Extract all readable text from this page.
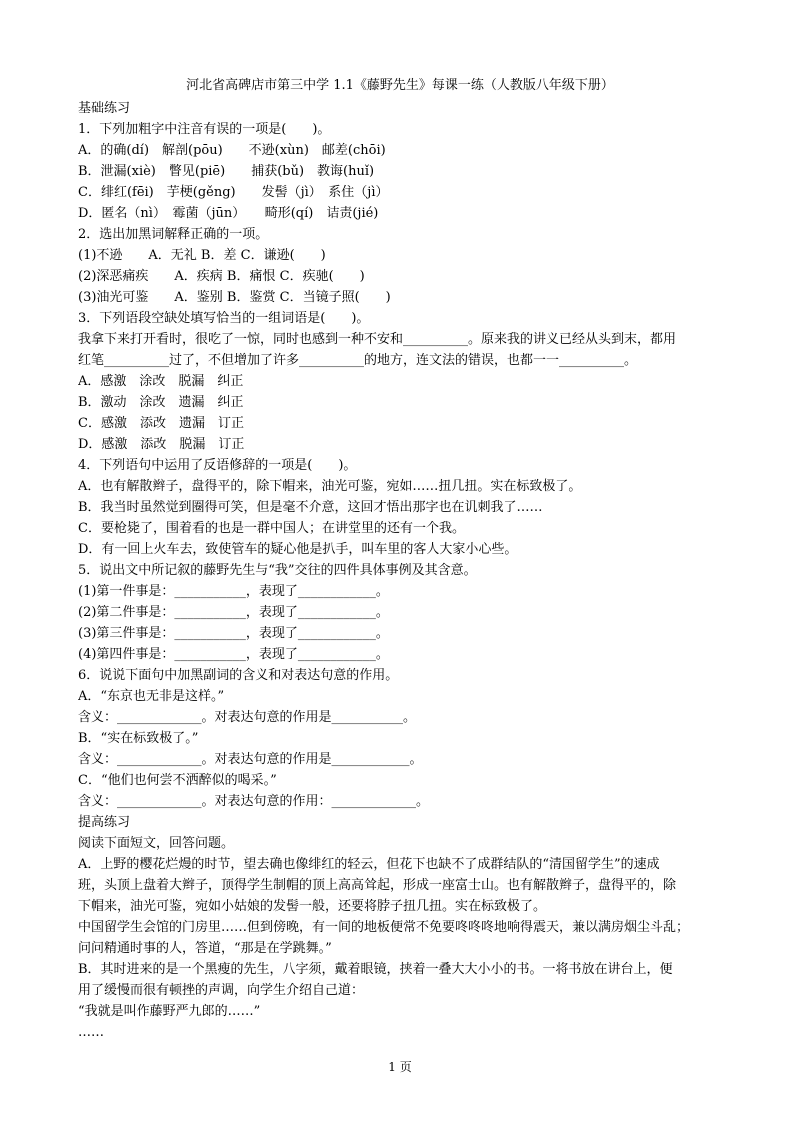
河北省高碑店市第三中学 1.1《藤野先生》每课一练（人教版八年级下册）
基础练习
1．下列加粗字中注音有误的一项是(　　)。
A．的确(dí)　解剖(pōu)　　不逊(xùn)　邮差(chōi)
B．泄漏(xiè)　瞥见(piē)　　捕获(bǔ)　教诲(huǐ)
C．绯红(fēi)　芋梗(gěng)　　发髻（jì）　系住（jì）
D．匿名（nì）　霉菌（jūn）　　畸形(qí)　诘责(jié)
2．选出加黑词解释正确的一项。
(1)不逊　　A．无礼 B．差 C．谦逊(　　)
(2)深恶痛疾　　A．疾病 B．痛恨 C．疾驰(　　)
(3)油光可鉴　　A．鉴别 B．鉴赏 C．当镜子照(　　)
3．下列语段空缺处填写恰当的一组词语是(　　)。
我拿下来打开看时，很吃了一惊，同时也感到一种不安和__________。原来我的讲义已经从头到末，都用
红笔__________过了，不但增加了许多__________的地方，连文法的错误，也都一一__________。
A．感激　涂改　脱漏　纠正
B．激动　涂改　遗漏　纠正
C．感激　添改　遗漏　订正
D．感激　添改　脱漏　订正
4．下列语句中运用了反语修辞的一项是(　　)。
A．也有解散辫子，盘得平的，除下帽来，油光可鉴，宛如……扭几扭。实在标致极了。
B．我当时虽然觉到圈得可笑，但是毫不介意，这回才悟出那字也在讥刺我了……
C．要枪毙了，围着看的也是一群中国人；在讲堂里的还有一个我。
D．有一回上火车去，致使管车的疑心他是扒手，叫车里的客人大家小心些。
5．说出文中所记叙的藤野先生与“我”交往的四件具体事例及其含意。
(1)第一件事是：___________，表现了____________。
(2)第二件事是：___________，表现了____________。
(3)第三件事是：___________，表现了____________。
(4)第四件事是：___________，表现了____________。
6．说说下面句中加黑副词的含义和对表达句意的作用。
A．“东京也无非是这样。”
含义：_____________。对表达句意的作用是___________。
B．“实在标致极了。”
含义：_____________。对表达句意的作用是____________。
C．“他们也何尝不洒醉似的喝采。”
含义：_____________。对表达句意的作用：_____________。
提高练习
阅读下面短文，回答问题。
A．上野的樱花烂熳的时节，望去确也像绯红的轻云，但花下也缺不了成群结队的“清国留学生”的速成
班，头顶上盘着大辫子，顶得学生制帽的顶上高高耸起，形成一座富士山。也有解散辫子，盘得平的，除
下帽来，油光可鉴，宛如小姑娘的发髻一般，还要将脖子扭几扭。实在标致极了。
中国留学生会馆的门房里……但到傍晚，有一间的地板便常不免要咚咚咚地响得震天，兼以满房烟尘斗乱；
问问精通时事的人，答道，“那是在学跳舞。”
B．其时进来的是一个黑瘦的先生，八字须，戴着眼镜，挟着一叠大大小小的书。一将书放在讲台上，便
用了缓慢而很有顿挫的声调，向学生介绍自己道：
“我就是叫作藤野严九郎的……”
……
1 页
